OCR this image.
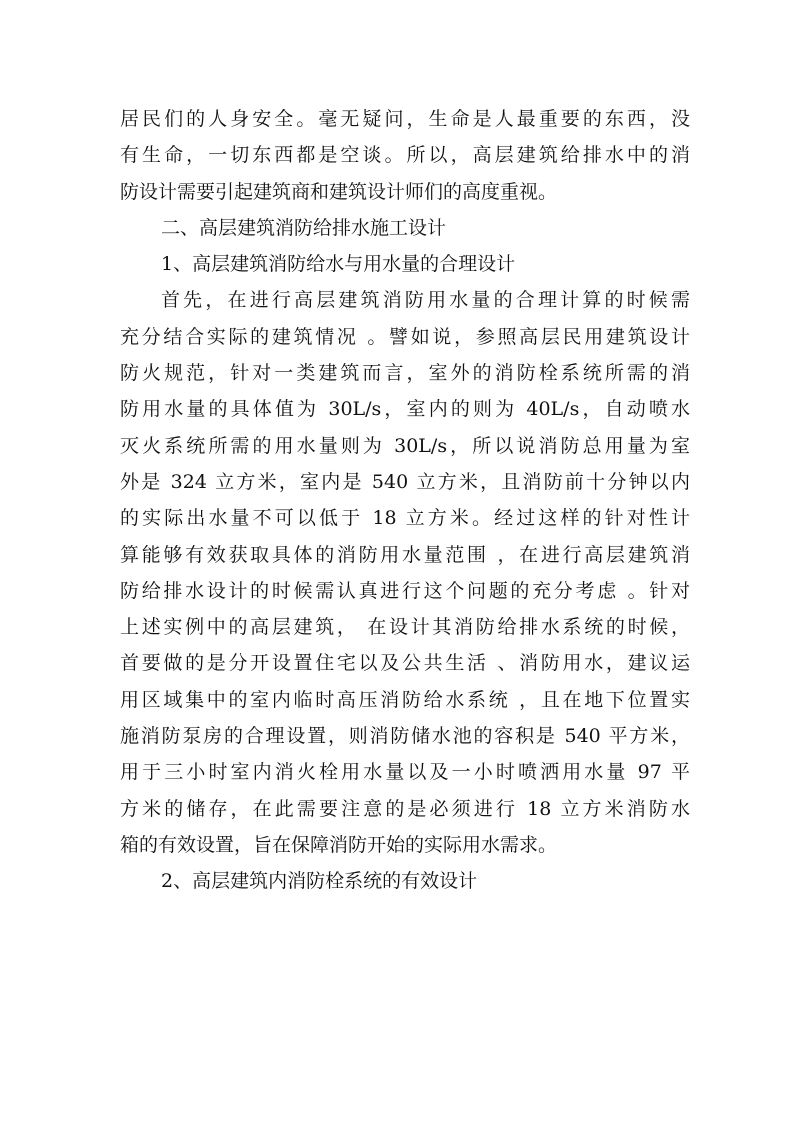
居民们的人身安全。毫无疑问，生命是人最重要的东西，没
有生命，一切东西都是空谈。所以，高层建筑给排水中的消
防设计需要引起建筑商和建筑设计师们的高度重视。
二、高层建筑消防给排水施工设计
1、高层建筑消防给水与用水量的合理设计
首先，在进行高层建筑消防用水量的合理计算的时候需
充分结合实际的建筑情况 。譬如说，参照高层民用建筑设计
防火规范，针对一类建筑而言，室外的消防栓系统所需的消
防用水量的具体值为 30L/s，室内的则为 40L/s，自动喷水
灭火系统所需的用水量则为 30L/s，所以说消防总用量为室
外是 324 立方米，室内是 540 立方米，且消防前十分钟以内
的实际出水量不可以低于 18 立方米。经过这样的针对性计
算能够有效获取具体的消防用水量范围 ，在进行高层建筑消
防给排水设计的时候需认真进行这个问题的充分考虑 。针对
上述实例中的高层建筑， 在设计其消防给排水系统的时候，
首要做的是分开设置住宅以及公共生活 、消防用水，建议运
用区域集中的室内临时高压消防给水系统 ，且在地下位置实
施消防泵房的合理设置，则消防储水池的容积是 540 平方米，
用于三小时室内消火栓用水量以及一小时喷洒用水量 97 平
方米的储存，在此需要注意的是必须进行 18 立方米消防水
箱的有效设置，旨在保障消防开始的实际用水需求。
2、高层建筑内消防栓系统的有效设计
